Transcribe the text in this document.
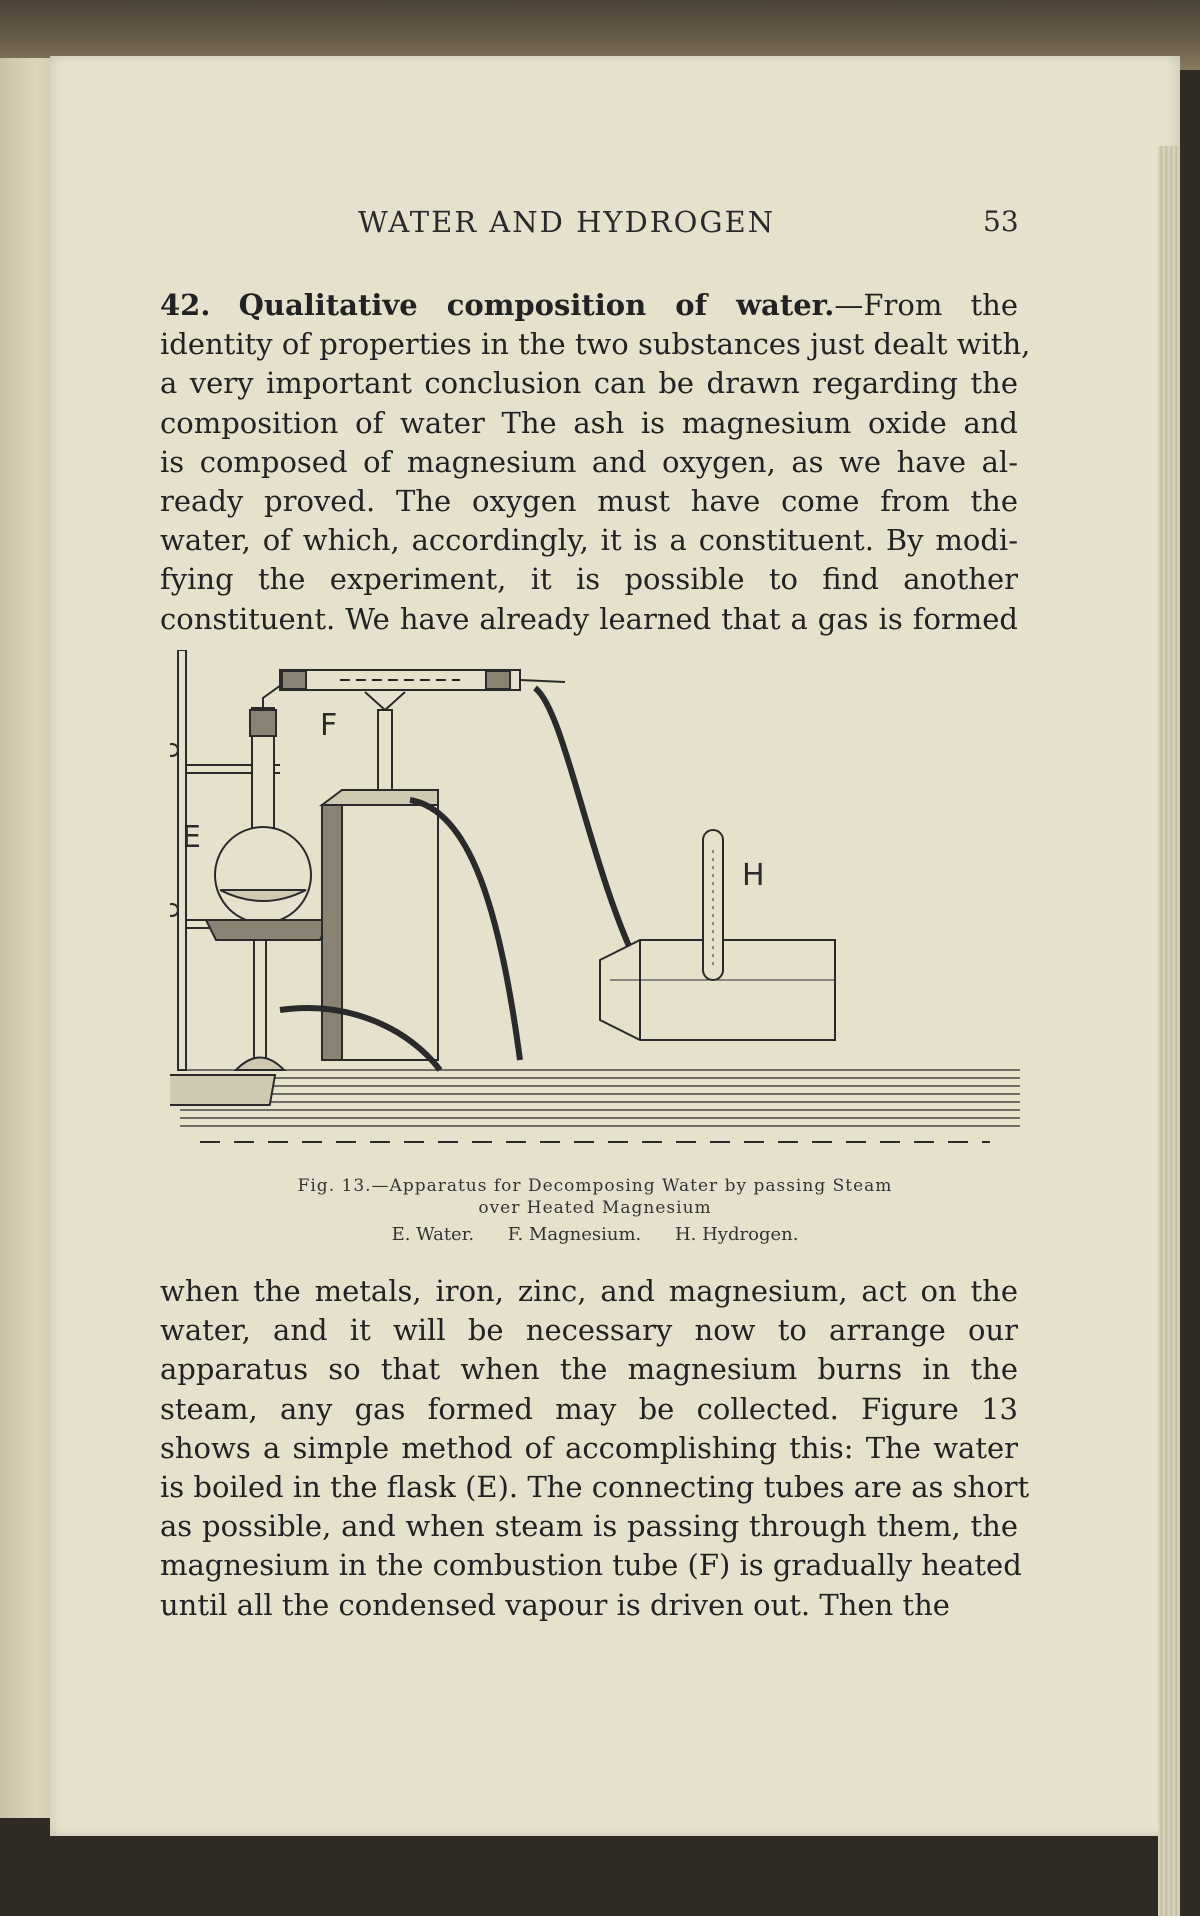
WATER AND HYDROGEN	53
42. Qualitative composition of water.—From the
identity of properties in the two substances just dealt with,
a very important conclusion can be drawn regarding the
composition of water The ash is magnesium oxide and
is composed of magnesium and oxygen, as we have al-
ready proved. The oxygen must have come from the
water, of which, accordingly, it is a constituent. By modi-
fying the experiment, it is possible to find another
constituent. We have already learned that a gas is formed
E
F
H
Fig. 13.—Apparatus for Decomposing Water by passing Steam
over Heated Magnesium
E. Water. F. Magnesium. H. Hydrogen.
when the metals, iron, zinc, and magnesium, act on the
water, and it will be necessary now to arrange our
apparatus so that when the magnesium burns in the
steam, any gas formed may be collected. Figure 13
shows a simple method of accomplishing this: The water
is boiled in the flask (E). The connecting tubes are as short
as possible, and when steam is passing through them, the
magnesium in the combustion tube (F) is gradually heated
until all the condensed vapour is driven out. Then the
